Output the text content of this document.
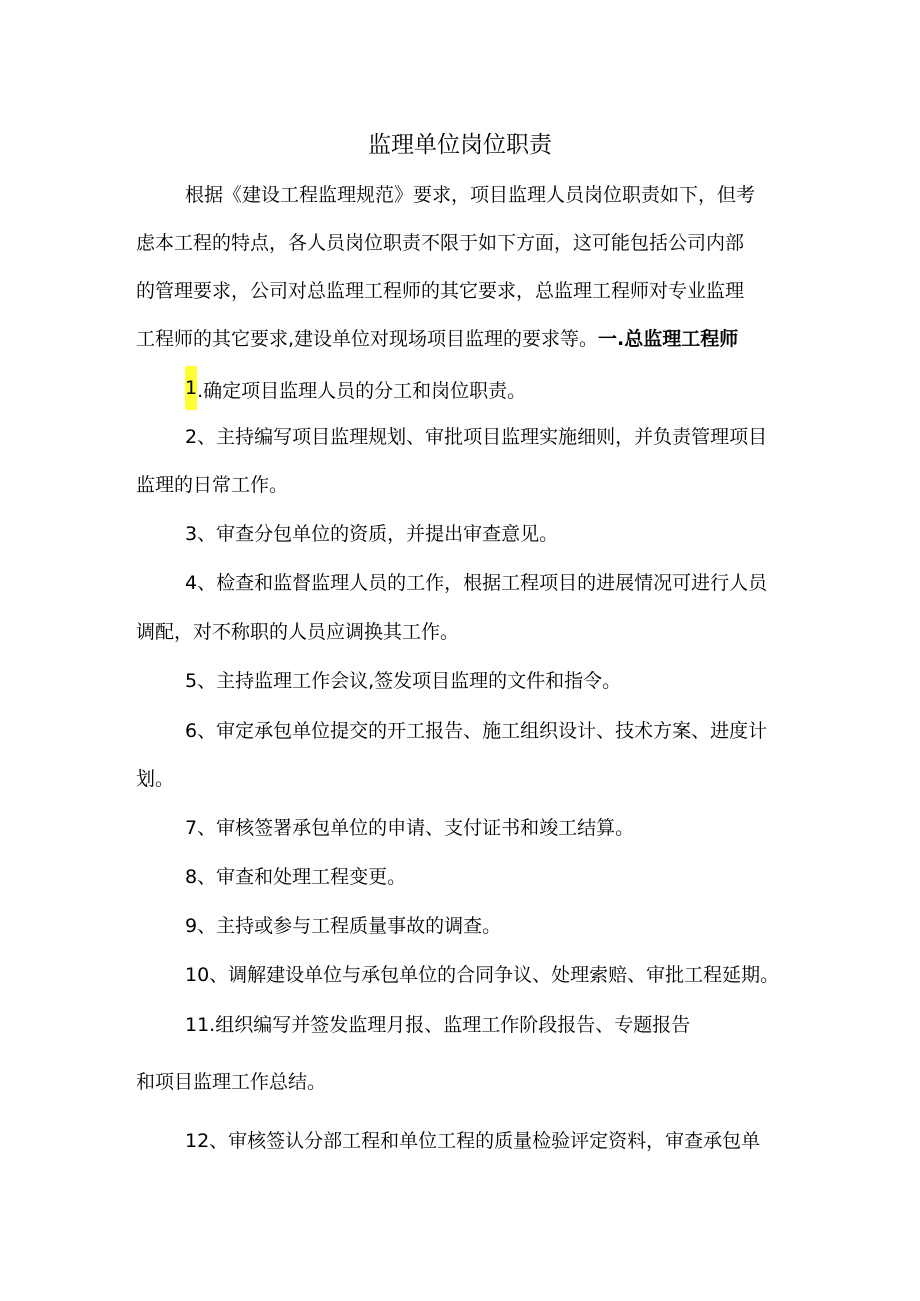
监理单位岗位职责

根据《建设工程监理规范》要求，项目监理人员岗位职责如下，但考

虑本工程的特点，各人员岗位职责不限于如下方面，这可能包括公司内部

的管理要求，公司对总监理工程师的其它要求，总监理工程师对专业监理

工程师的其它要求,建设单位对现场项目监理的要求等。一.总监理工程师

1.确定项目监理人员的分工和岗位职责。

2、主持编写项目监理规划、审批项目监理实施细则，并负责管理项目

监理的日常工作。

3、审查分包单位的资质，并提出审查意见。

4、检查和监督监理人员的工作，根据工程项目的进展情况可进行人员

调配，对不称职的人员应调换其工作。

5、主持监理工作会议,签发项目监理的文件和指令。

6、审定承包单位提交的开工报告、施工组织设计、技术方案、进度计

划。

7、审核签署承包单位的申请、支付证书和竣工结算。

8、审查和处理工程变更。

9、主持或参与工程质量事故的调查。

10、调解建设单位与承包单位的合同争议、处理索赔、审批工程延期。

11.组织编写并签发监理月报、监理工作阶段报告、专题报告

和项目监理工作总结。

12、审核签认分部工程和单位工程的质量检验评定资料，审查承包单
